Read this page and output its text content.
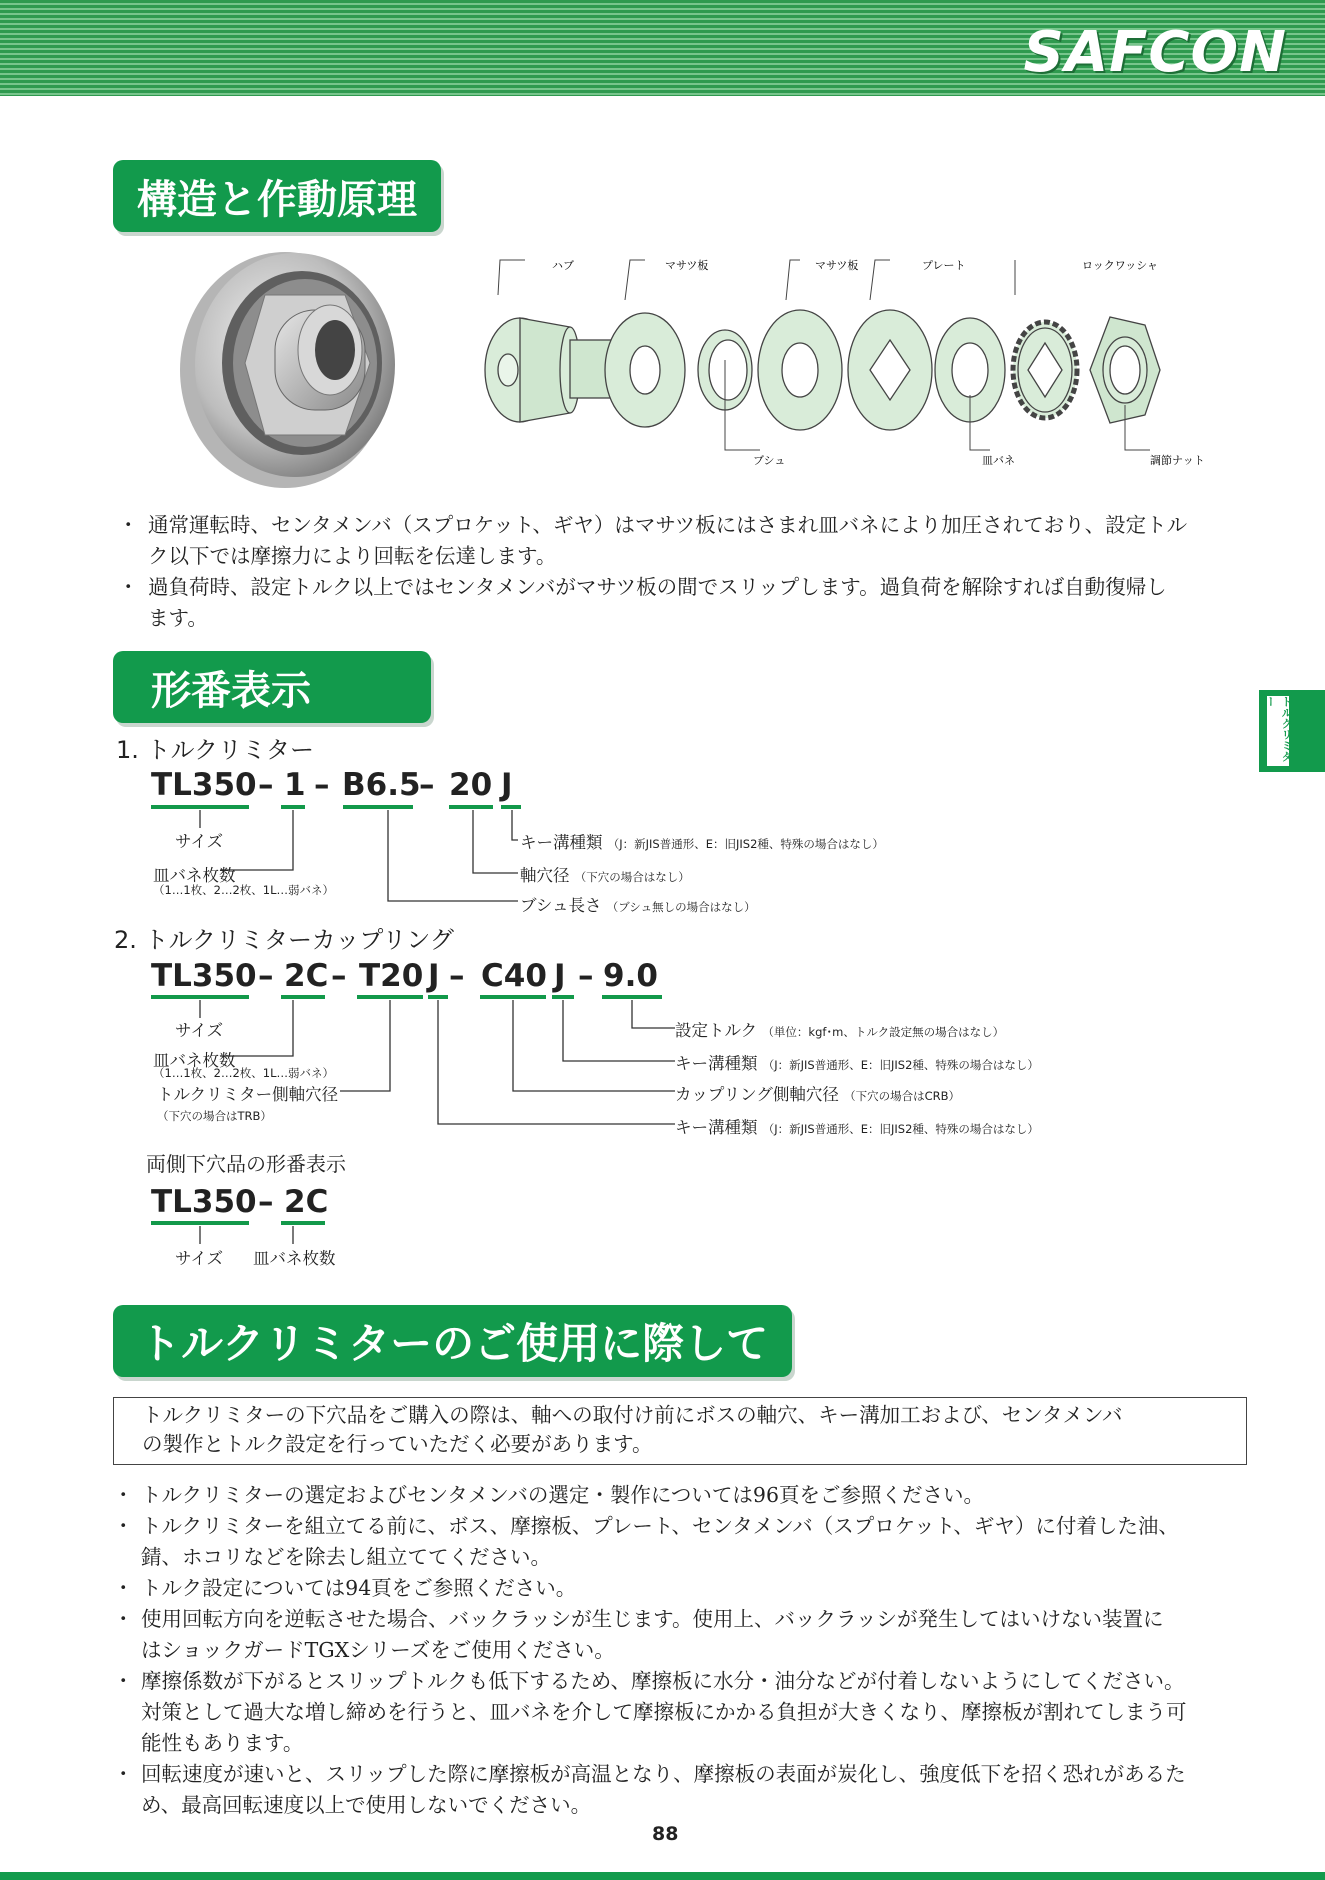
SAFCON
構造と作動原理
ハブ	マサツ板	マサツ板	プレート	ロックワッシャ
ブシュ	皿バネ	調節ナット
・ 通常運転時、センタメンバ（スプロケット、ギヤ）はマサツ板にはさまれ皿バネにより加圧されており、設定トル
ク以下では摩擦力により回転を伝達します。
・ 過負荷時、設定トルク以上ではセンタメンバがマサツ板の間でスリップします。過負荷を解除すれば自動復帰し
ます。
トルクリミター
形番表示
1. トルクリミター
TL350 – 1 – B6.5
– 20 J
サイズ
皿バネ枚数
（1…1枚、2…2枚、1L…弱バネ）
キー溝種類 （J：新JIS普通形、E：旧JIS2種、特殊の場合はなし）
軸穴径 （下穴の場合はなし）
ブシュ長さ （ブシュ無しの場合はなし）
2. トルクリミターカップリング
TL350 – 2C – T20 J – C40 J – 9.0
サイズ
皿バネ枚数
（1…1枚、2…2枚、1L…弱バネ）
トルクリミター側軸穴径
（下穴の場合はTRB）
設定トルク （単位：kgf･m、トルク設定無の場合はなし）
キー溝種類 （J：新JIS普通形、E：旧JIS2種、特殊の場合はなし）
カップリング側軸穴径 （下穴の場合はCRB）
キー溝種類 （J：新JIS普通形、E：旧JIS2種、特殊の場合はなし）
両側下穴品の形番表示
TL350 – 2C
サイズ 皿バネ枚数
トルクリミターのご使用に際して
トルクリミターの下穴品をご購入の際は、軸への取付け前にボスの軸穴、キー溝加工および、センタメンバ
の製作とトルク設定を行っていただく必要があります。
・ トルクリミターの選定およびセンタメンバの選定・製作については96頁をご参照ください。
・ トルクリミターを組立てる前に、ボス、摩擦板、プレート、センタメンバ（スプロケット、ギヤ）に付着した油、
錆、ホコリなどを除去し組立ててください。
・ トルク設定については94頁をご参照ください。
・ 使用回転方向を逆転させた場合、バックラッシが生じます。使用上、バックラッシが発生してはいけない装置に
はショックガードTGXシリーズをご使用ください。
・ 摩擦係数が下がるとスリップトルクも低下するため、摩擦板に水分・油分などが付着しないようにしてください。
対策として過大な増し締めを行うと、皿バネを介して摩擦板にかかる負担が大きくなり、摩擦板が割れてしまう可
能性もあります。
・ 回転速度が速いと、スリップした際に摩擦板が高温となり、摩擦板の表面が炭化し、強度低下を招く恐れがあるた
め、最高回転速度以上で使用しないでください。
88
